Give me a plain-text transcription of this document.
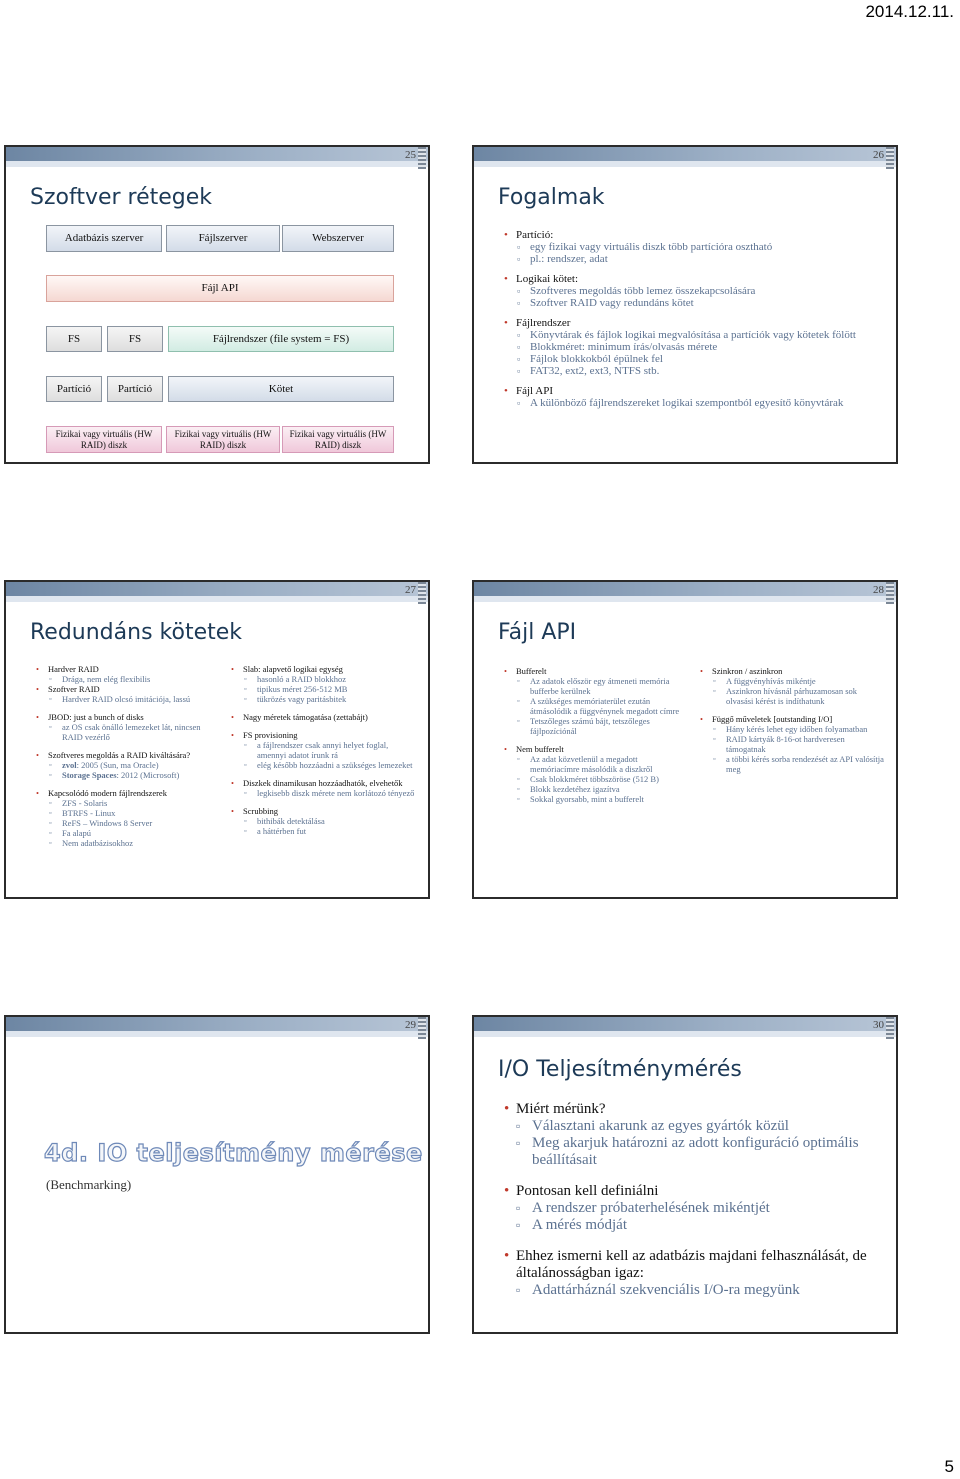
2014.12.11.
25
Szoftver rétegek
Adatbázis szerver	Fájlszerver	Webszerver
Fájl API
FS	FS	Fájlrendszer (file system = FS)
Partíció Partíció	Kötet
Fizikai vagy virtuális (HW RAID) diszk
Fizikai vagy virtuális (HW RAID) diszk
Fizikai vagy virtuális (HW RAID) diszk
26
Fogalmak
• Partíció:
▫ egy fizikai vagy virtuális diszk több partícióra osztható
▫ pl.: rendszer, adat
• Logikai kötet:
▫ Szoftveres megoldás több lemez összekapcsolására
▫ Szoftver RAID vagy redundáns kötet
• Fájlrendszer
▫ Könyvtárak és fájlok logikai megvalósítása a partíciók vagy kötetek fölött
▫ Blokkméret: minimum írás/olvasás mérete
▫ Fájlok blokkokból épülnek fel
▫ FAT32, ext2, ext3, NTFS stb.
• Fájl API
▫ A különböző fájlrendszereket logikai szempontból egyesítő könyvtárak
27
Redundáns kötetek
• Hardver RAID
▫ Drága, nem elég flexibilis
• Szoftver RAID
▫ Hardver RAID olcsó imitációja, lassú
• JBOD: just a bunch of disks
▫ az OS csak önálló lemezeket lát, nincsen RAID vezérlő
• Szoftveres megoldás a RAID kiváltására?
▫ zvol: 2005 (Sun, ma Oracle)
▫ Storage Spaces: 2012 (Microsoft)
• Kapcsolódó modern fájlrendszerek
▫ ZFS - Solaris
▫ BTRFS - Linux
▫ ReFS – Windows 8 Server
▫ Fa alapú
▫ Nem adatbázisokhoz
• Slab: alapvető logikai egység
▫ hasonló a RAID blokkhoz
▫ tipikus méret 256-512 MB
▫ tükrözés vagy paritásbitek
• Nagy méretek támogatása (zettabájt)
• FS provisioning
▫ a fájlrendszer csak annyi helyet foglal, amennyi adatot írunk rá
▫ elég később hozzáadni a szükséges lemezeket
• Diszkek dinamikusan hozzáadhatók, elvehetők
▫ legkisebb diszk mérete nem korlátozó tényező
• Scrubbing
▫ bithibák detektálása
▫ a háttérben fut
28
Fájl API
• Bufferelt
▫ Az adatok először egy átmeneti memória bufferbe kerülnek
▫ A szükséges memóriaterület ezután átmásolódik a függvénynek megadott címre
▫ Tetszőleges számú bájt, tetszőleges fájlpozíciónál
• Nem bufferelt
▫ Az adat közvetlenül a megadott memóriacímre másolódik a diszkről
▫ Csak blokkméret többszöröse (512 B)
▫ Blokk kezdetéhez igazítva
▫ Sokkal gyorsabb, mint a bufferelt
• Szinkron / aszinkron
▫ A függvényhívás mikéntje
▫ Aszinkron hívásnál párhuzamosan sok olvasási kérést is indíthatunk
• Függő műveletek [outstanding I/O]
▫ Hány kérés lehet egy időben folyamatban
▫ RAID kártyák 8-16-ot hardveresen támogatnak
▫ a többi kérés sorba rendezését az API valósítja meg
29
4d. IO teljesítmény mérése
(Benchmarking)
30
I/O Teljesítménymérés
• Miért mérünk?
▫ Választani akarunk az egyes gyártók közül
▫ Meg akarjuk határozni az adott konfiguráció optimális beállításait
• Pontosan kell definiálni
▫ A rendszer próbaterhelésének mikéntjét
▫ A mérés módját
• Ehhez ismerni kell az adatbázis majdani felhasználását, de általánosságban igaz:
▫ Adattárháznál szekvenciális I/O-ra megyünk
5
